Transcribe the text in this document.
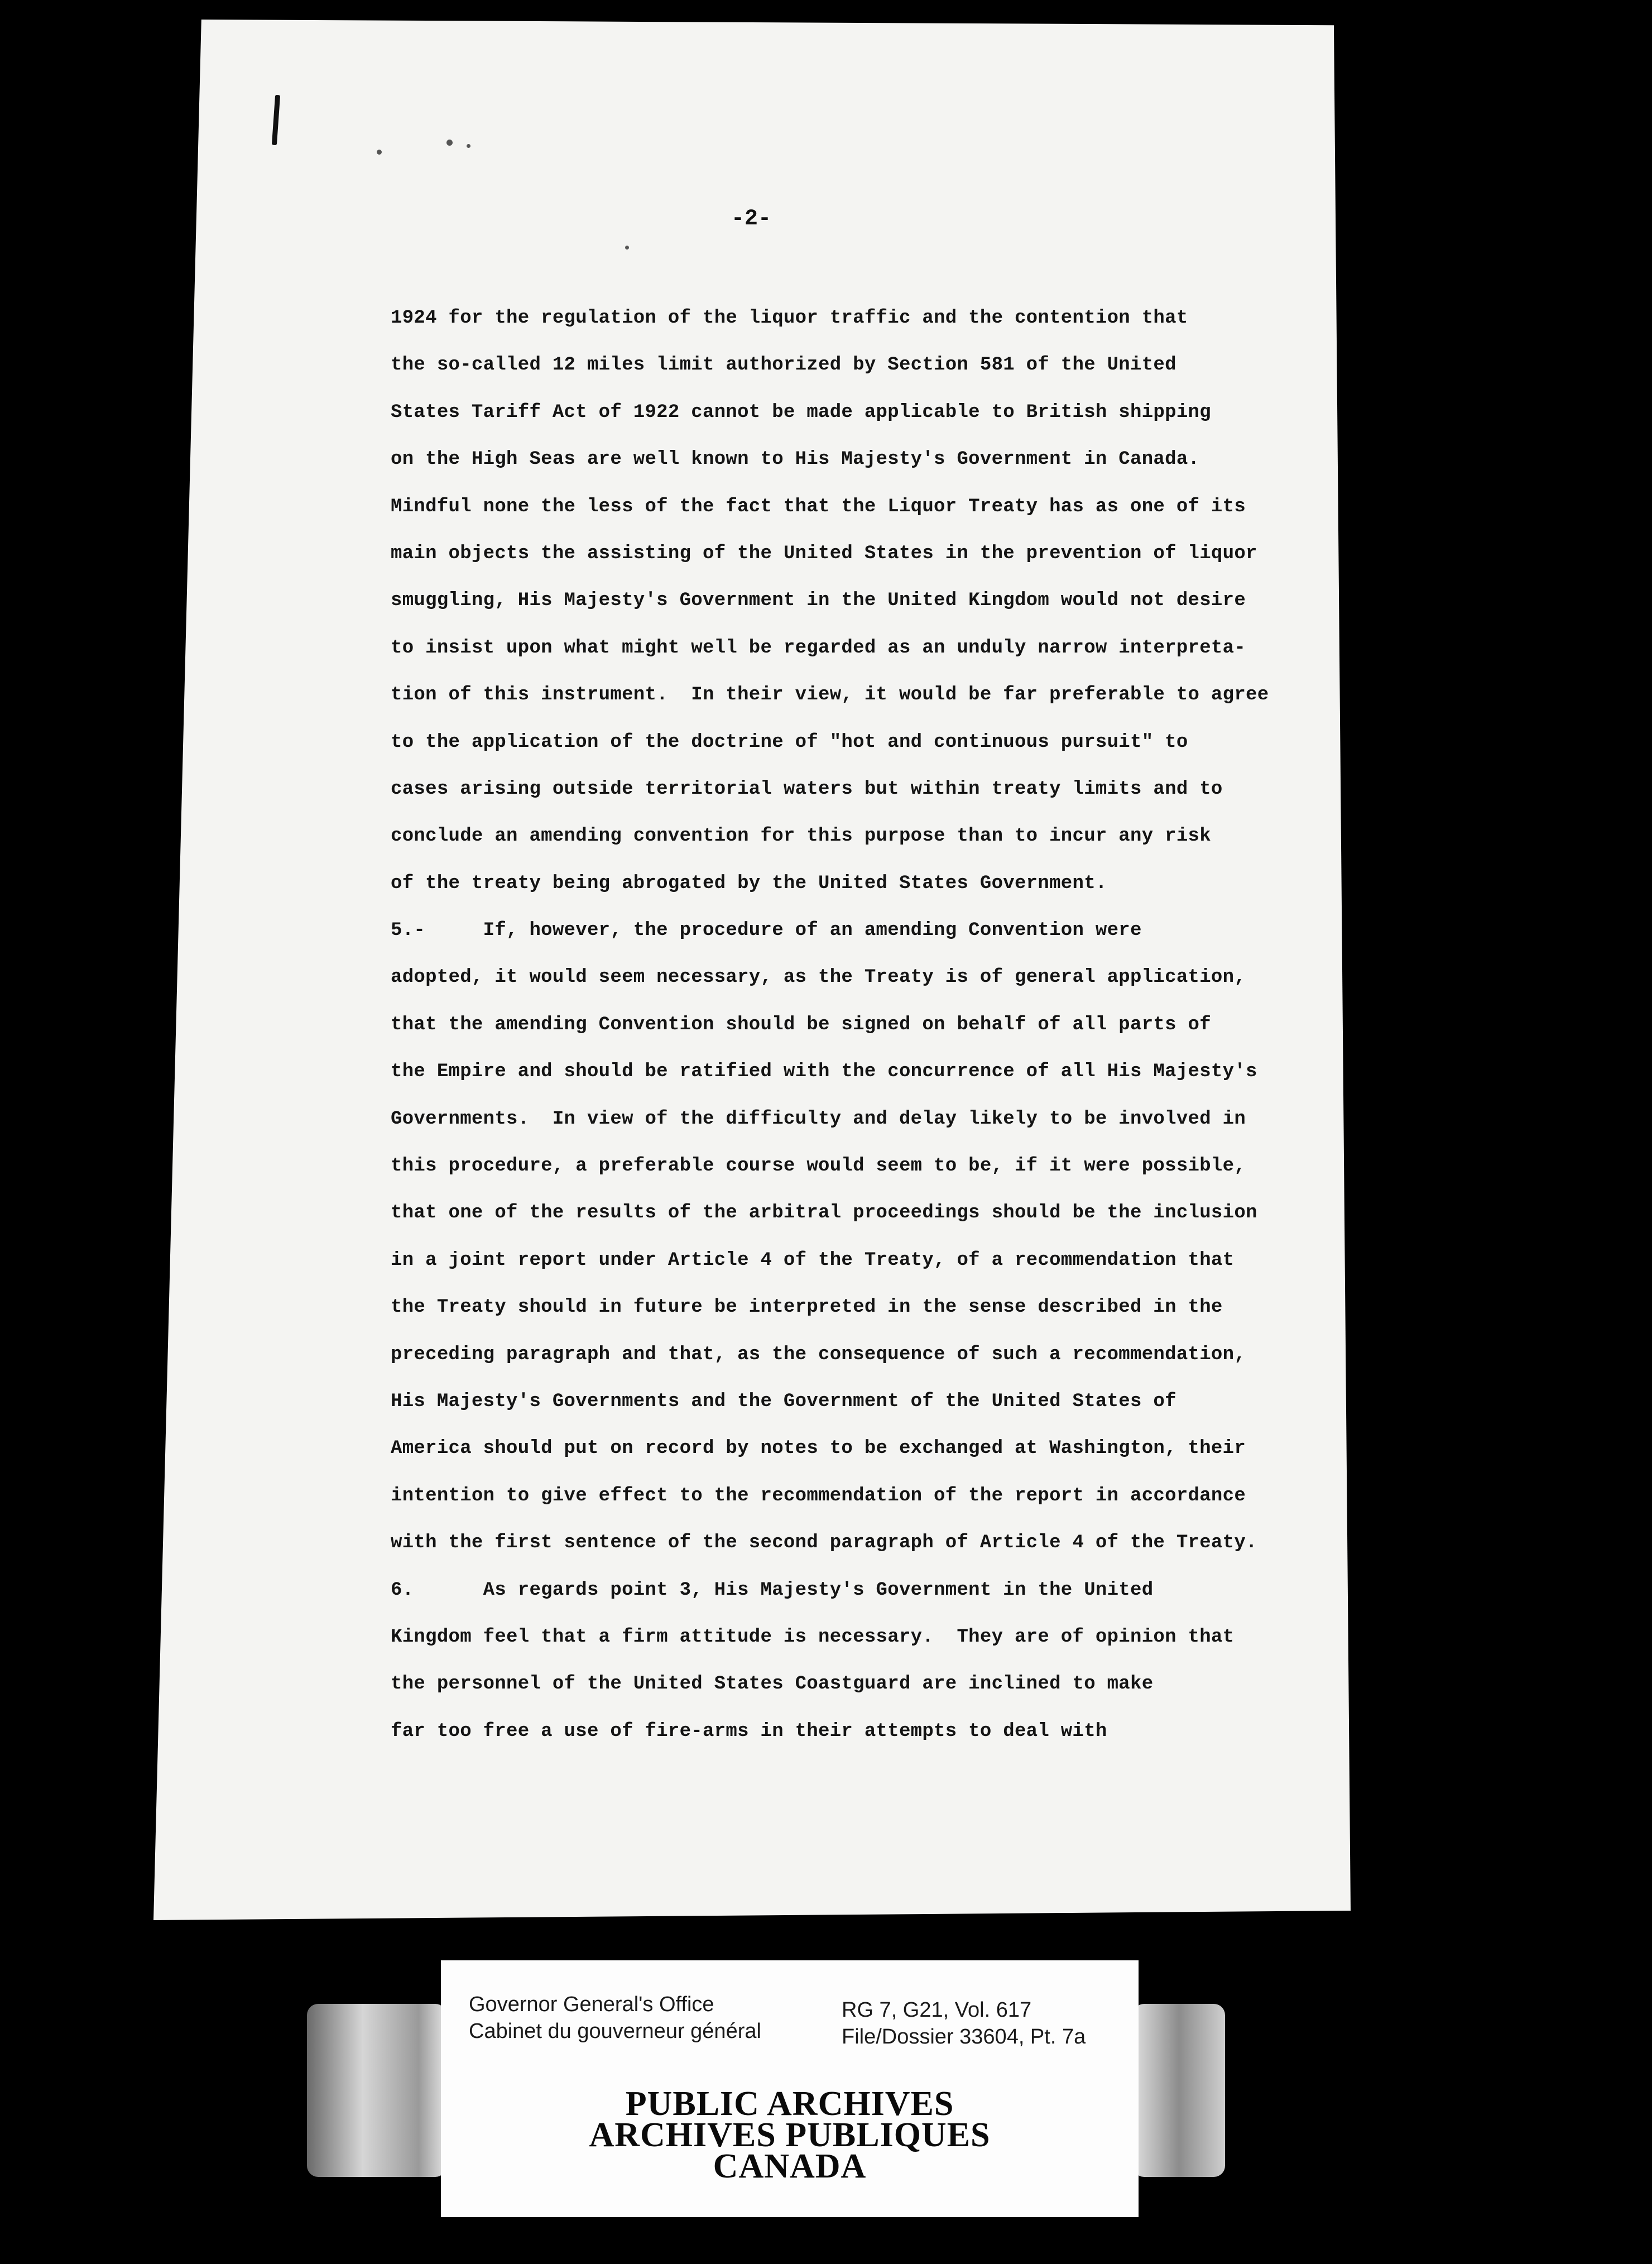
-2-
1924 for the regulation of the liquor traffic and the contention that
the so-called 12 miles limit authorized by Section 581 of the United
States Tariff Act of 1922 cannot be made applicable to British shipping
on the High Seas are well known to His Majesty's Government in Canada.
Mindful none the less of the fact that the Liquor Treaty has as one of its
main objects the assisting of the United States in the prevention of liquor
smuggling, His Majesty's Government in the United Kingdom would not desire
to insist upon what might well be regarded as an unduly narrow interpreta-
tion of this instrument.  In their view, it would be far preferable to agree
to the application of the doctrine of "hot and continuous pursuit" to
cases arising outside territorial waters but within treaty limits and to
conclude an amending convention for this purpose than to incur any risk
of the treaty being abrogated by the United States Government.
5.-     If, however, the procedure of an amending Convention were
adopted, it would seem necessary, as the Treaty is of general application,
that the amending Convention should be signed on behalf of all parts of
the Empire and should be ratified with the concurrence of all His Majesty's
Governments.  In view of the difficulty and delay likely to be involved in
this procedure, a preferable course would seem to be, if it were possible,
that one of the results of the arbitral proceedings should be the inclusion
in a joint report under Article 4 of the Treaty, of a recommendation that
the Treaty should in future be interpreted in the sense described in the
preceding paragraph and that, as the consequence of such a recommendation,
His Majesty's Governments and the Government of the United States of
America should put on record by notes to be exchanged at Washington, their
intention to give effect to the recommendation of the report in accordance
with the first sentence of the second paragraph of Article 4 of the Treaty.
6.      As regards point 3, His Majesty's Government in the United
Kingdom feel that a firm attitude is necessary.  They are of opinion that
the personnel of the United States Coastguard are inclined to make
far too free a use of fire-arms in their attempts to deal with
Governor General's Office
Cabinet du gouverneur général
RG 7, G21, Vol. 617
File/Dossier 33604, Pt. 7a
PUBLIC ARCHIVES
ARCHIVES PUBLIQUES
CANADA
